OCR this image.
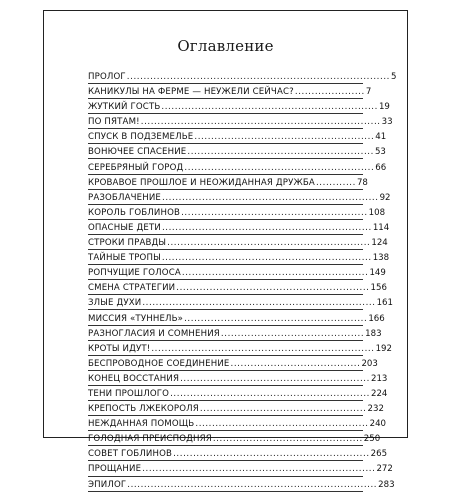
Оглавление
ПРОЛОГ ............................................................................... 5
КАНИКУЛЫ НА ФЕРМЕ — НЕУЖЕЛИ СЕЙЧАС? ..................... 7
ЖУТКИЙ ГОСТЬ ................................................................. 19
ПО ПЯТАМ! ........................................................................ 33
СПУСК В ПОДЗЕМЕЛЬЕ ...................................................... 41
ВОНЮЧЕЕ СПАСЕНИЕ ........................................................ 53
СЕРЕБРЯНЫЙ ГОРОД ......................................................... 66
КРОВАВОЕ ПРОШЛОЕ И НЕОЖИДАННАЯ ДРУЖБА ............ 78
РАЗОБЛАЧЕНИЕ ................................................................. 92
КОРОЛЬ ГОБЛИНОВ ........................................................ 108
ОПАСНЫЕ ДЕТИ ............................................................... 114
СТРОКИ ПРАВДЫ ............................................................. 124
ТАЙНЫЕ ТРОПЫ ............................................................... 138
РОПЧУЩИЕ ГОЛОСА ........................................................ 149
СМЕНА СТРАТЕГИИ .......................................................... 156
ЗЛЫЕ ДУХИ ...................................................................... 161
МИССИЯ «ТУННЕЛЬ» ....................................................... 166
РАЗНОГЛАСИЯ И СОМНЕНИЯ ........................................... 183
КРОТЫ ИДУТ! ................................................................... 192
БЕСПРОВОДНОЕ СОЕДИНЕНИЕ ....................................... 203
КОНЕЦ ВОССТАНИЯ ......................................................... 213
ТЕНИ ПРОШЛОГО ............................................................ 224
КРЕПОСТЬ ЛЖЕКОРОЛЯ .................................................. 232
НЕЖДАННАЯ ПОМОЩЬ .................................................... 240
ГОЛОДНАЯ ПРЕИСПОДНЯЯ ............................................. 250
СОВЕТ ГОБЛИНОВ ........................................................... 265
ПРОЩАНИЕ ...................................................................... 272
ЭПИЛОГ ........................................................................... 283
